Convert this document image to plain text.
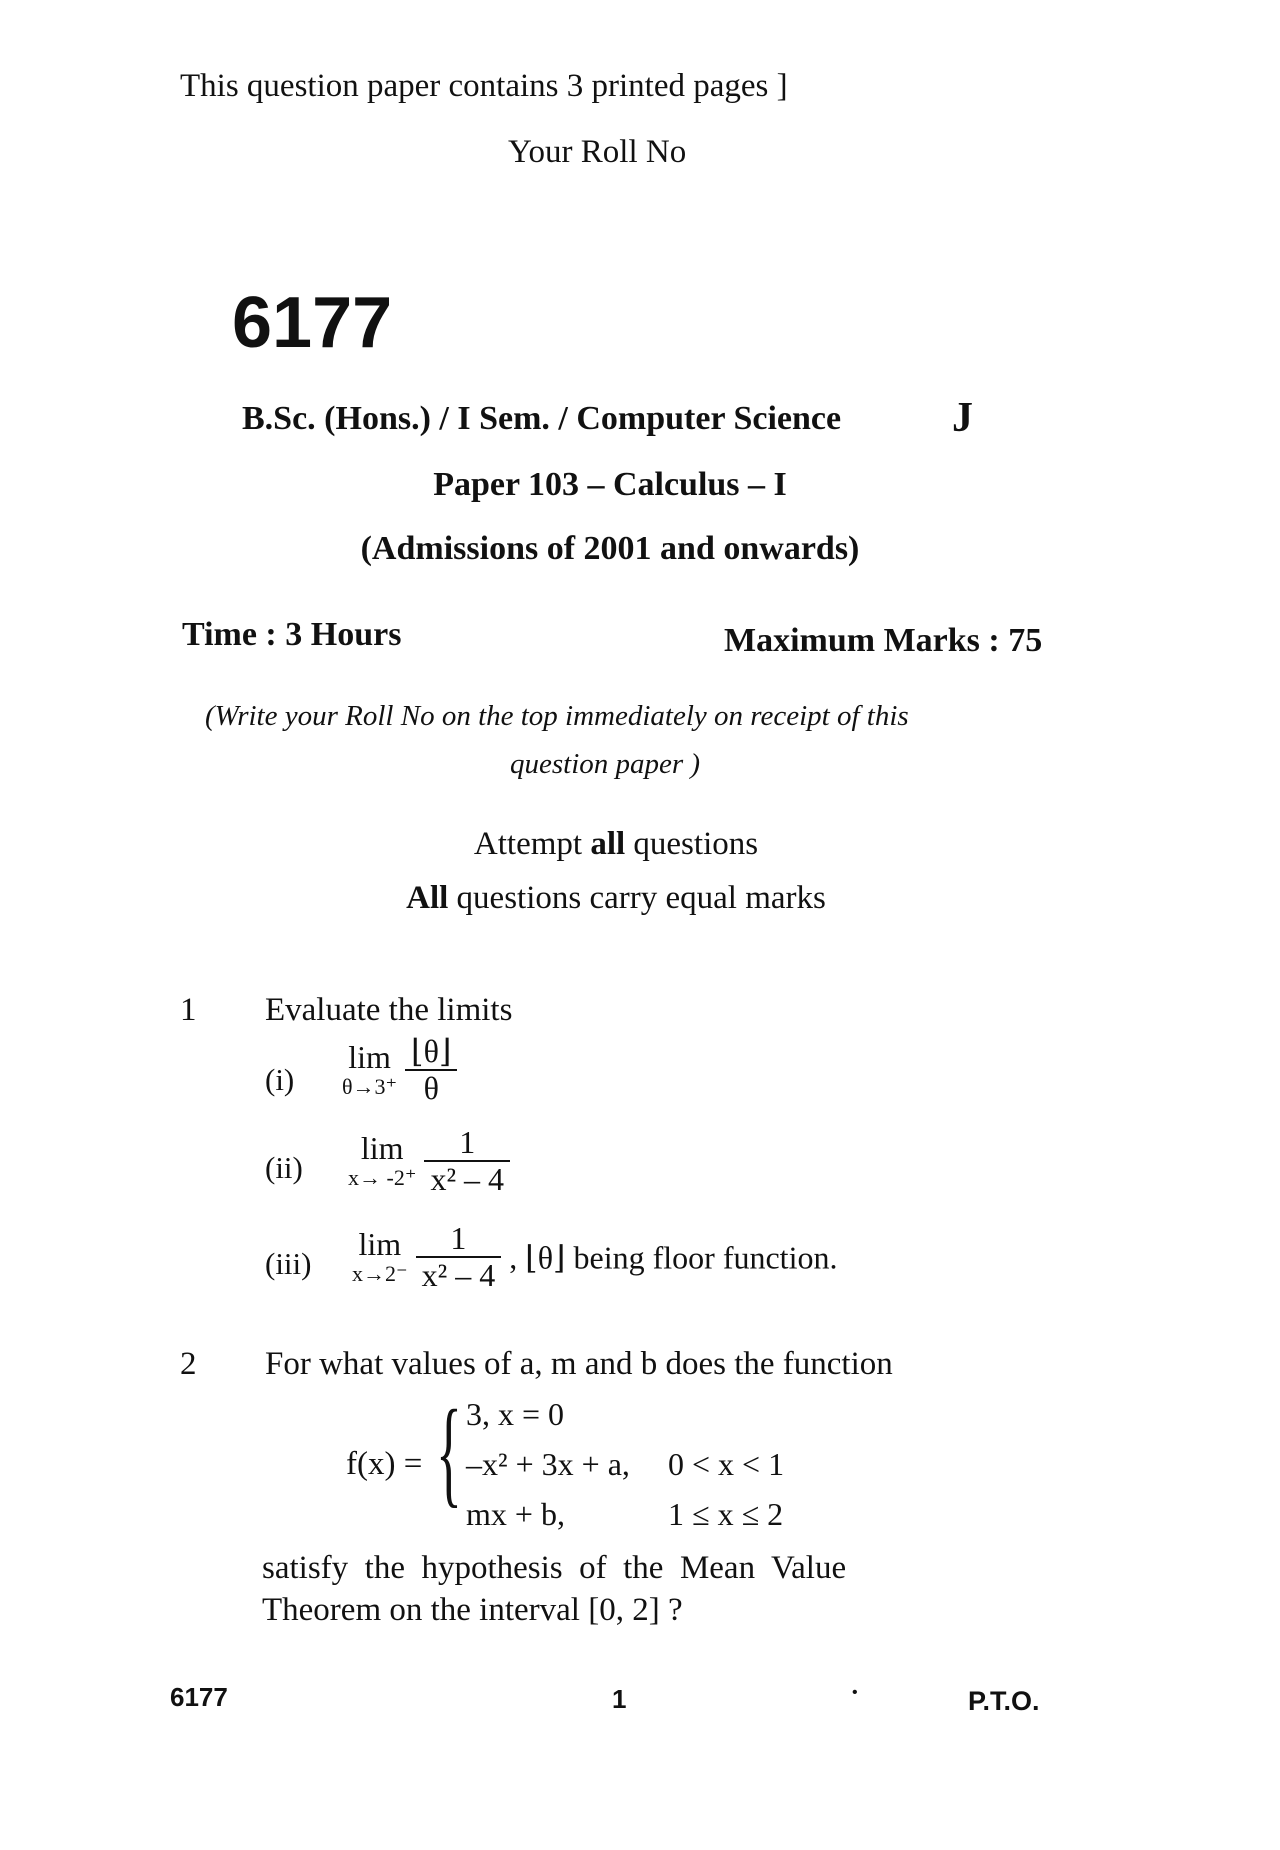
This question paper contains 3 printed pages ]
Your Roll No
6177
B.Sc. (Hons.) / I Sem. / Computer Science	J
Paper 103 – Calculus – I
(Admissions of 2001 and onwards)
Time : 3 Hours	Maximum Marks : 75
(Write your Roll No on the top immediately on receipt of this
question paper )
Attempt all questions
All questions carry equal marks
1 Evaluate the limits
(i)
lim
θ→3⁺
$\frac{⌊\theta⌋}{\theta}$
(ii)
lim
x→ -2⁺
$\frac{1}{\text{x² – 4}}$
(iii)
lim
x→2⁻
$\frac{1}{\text{x² – 4}}$ , ⌊θ⌋ being floor function.
2 For what values of a, m and b does the function
f(x) = { 3, x = 0
–x² + 3x + a, 0 < x < 1
mx + b,	1 ≤ x ≤ 2
satisfy  the  hypothesis  of  the  Mean  Value
Theorem on the interval [0, 2] ?
6177	1	•	P.T.O.
